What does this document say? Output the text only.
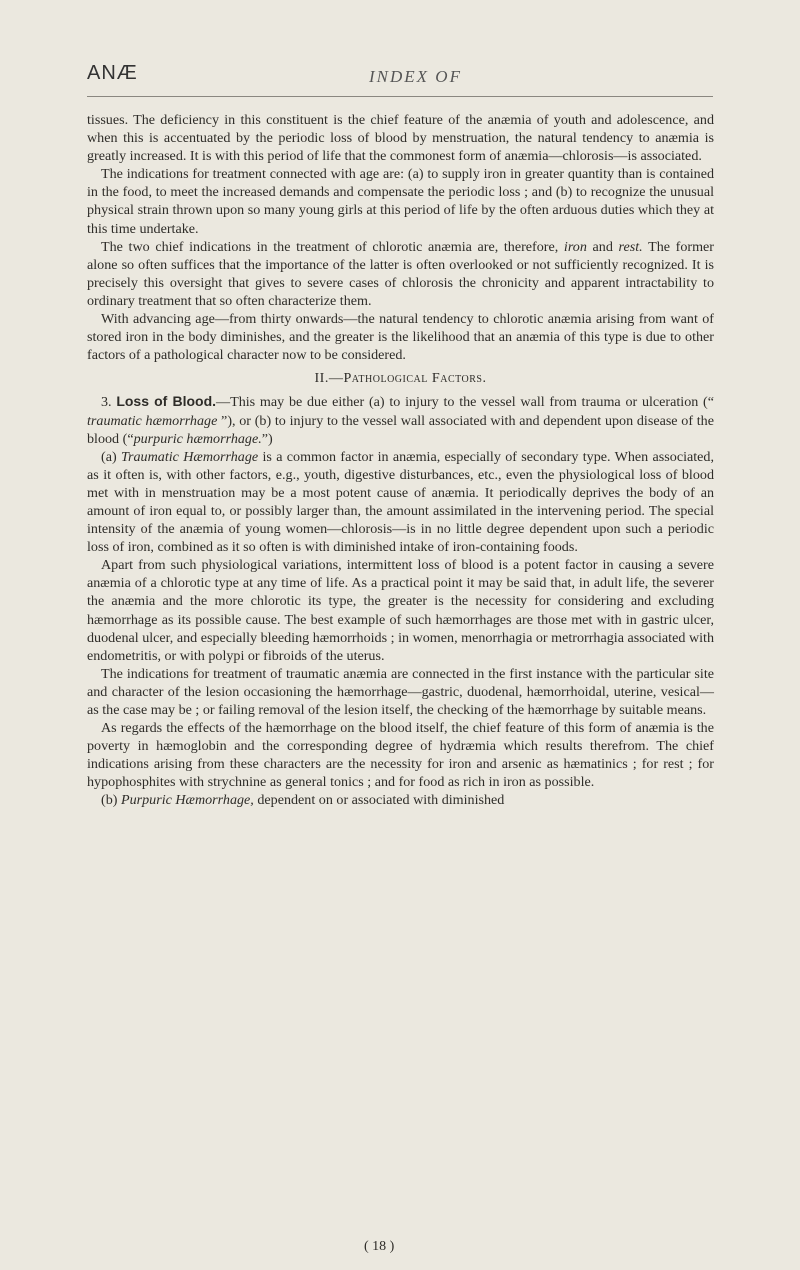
ANÆ	INDEX OF

tissues. The deficiency in this constituent is the chief feature of the anæmia of youth and adolescence, and when this is accentuated by the periodic loss of blood by menstruation, the natural tendency to anæmia is greatly increased. It is with this period of life that the commonest form of anæmia—chlorosis—is associated.

The indications for treatment connected with age are: (a) to supply iron in greater quantity than is contained in the food, to meet the increased demands and compensate the periodic loss ; and (b) to recognize the unusual physical strain thrown upon so many young girls at this period of life by the often arduous duties which they at this time undertake.

The two chief indications in the treatment of chlorotic anæmia are, therefore, iron and rest. The former alone so often suffices that the importance of the latter is often overlooked or not sufficiently recognized. It is precisely this oversight that gives to severe cases of chlorosis the chronicity and apparent intractability to ordinary treatment that so often characterize them.

With advancing age—from thirty onwards—the natural tendency to chlorotic anæmia arising from want of stored iron in the body diminishes, and the greater is the likelihood that an anæmia of this type is due to other factors of a pathological character now to be considered.

II.—Pathological Factors.

3. Loss of Blood.—This may be due either (a) to injury to the vessel wall from trauma or ulceration (“ traumatic hæmorrhage ”), or (b) to injury to the vessel wall associated with and dependent upon disease of the blood (“purpuric hæmorrhage.”)

(a) Traumatic Hæmorrhage is a common factor in anæmia, especially of secondary type. When associated, as it often is, with other factors, e.g., youth, digestive disturbances, etc., even the physiological loss of blood met with in menstruation may be a most potent cause of anæmia. It periodically deprives the body of an amount of iron equal to, or possibly larger than, the amount assimilated in the intervening period. The special intensity of the anæmia of young women—chlorosis—is in no little degree dependent upon such a periodic loss of iron, combined as it so often is with diminished intake of iron-containing foods.

Apart from such physiological variations, intermittent loss of blood is a potent factor in causing a severe anæmia of a chlorotic type at any time of life. As a practical point it may be said that, in adult life, the severer the anæmia and the more chlorotic its type, the greater is the necessity for considering and excluding hæmorrhage as its possible cause. The best example of such hæmorrhages are those met with in gastric ulcer, duodenal ulcer, and especially bleeding hæmorrhoids ; in women, menorrhagia or metrorrhagia associated with endometritis, or with polypi or fibroids of the uterus.

The indications for treatment of traumatic anæmia are connected in the first instance with the particular site and character of the lesion occasioning the hæmorrhage—gastric, duodenal, hæmorrhoidal, uterine, vesical—as the case may be ; or failing removal of the lesion itself, the checking of the hæmorrhage by suitable means.

As regards the effects of the hæmorrhage on the blood itself, the chief feature of this form of anæmia is the poverty in hæmoglobin and the corresponding degree of hydræmia which results therefrom. The chief indications arising from these characters are the necessity for iron and arsenic as hæmatinics ; for rest ; for hypophosphites with strychnine as general tonics ; and for food as rich in iron as possible.

(b) Purpuric Hæmorrhage, dependent on or associated with diminished

( 18 )
